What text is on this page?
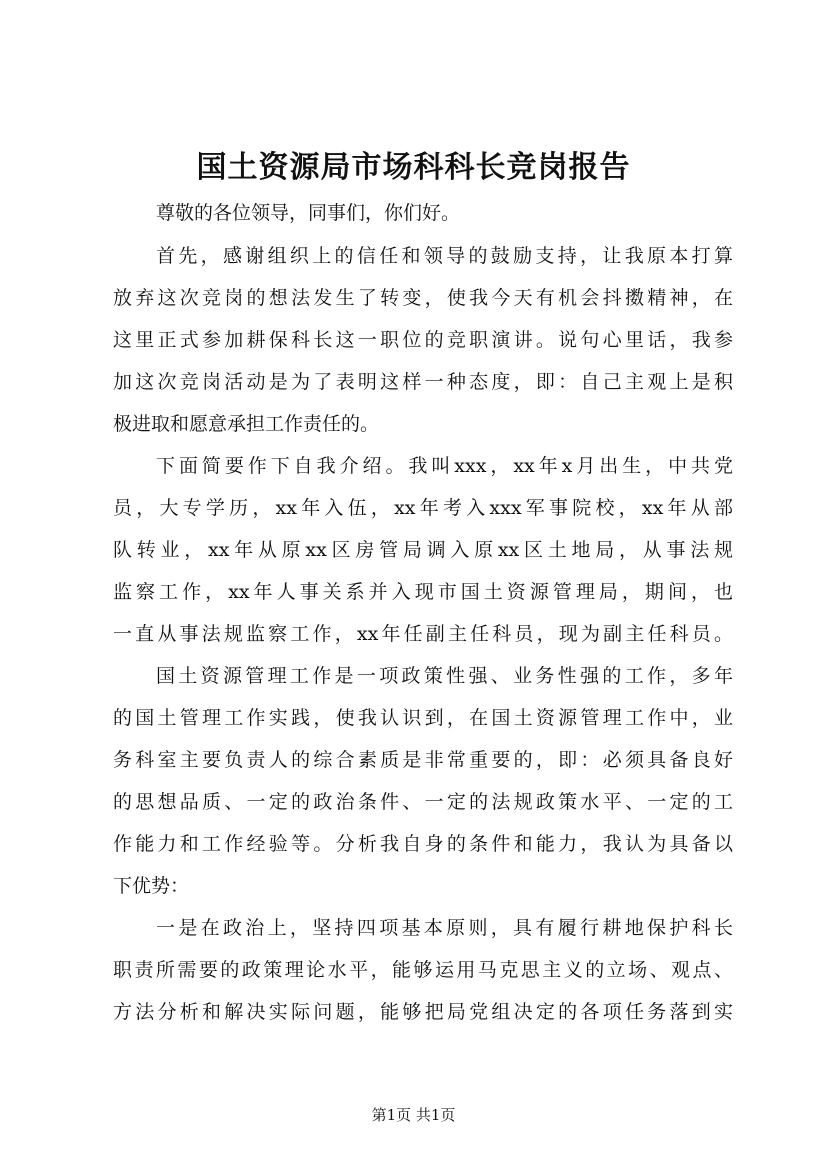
国土资源局市场科科长竞岗报告
尊敬的各位领导，同事们，你们好。
首先，感谢组织上的信任和领导的鼓励支持，让我原本打算
放弃这次竞岗的想法发生了转变，使我今天有机会抖擞精神，在
这里正式参加耕保科长这一职位的竞职演讲。说句心里话，我参
加这次竞岗活动是为了表明这样一种态度，即：自己主观上是积
极进取和愿意承担工作责任的。
下面简要作下自我介绍。我叫xxx，xx年x月出生，中共党
员，大专学历，xx年入伍，xx年考入xxx军事院校，xx年从部
队转业，xx年从原xx区房管局调入原xx区土地局，从事法规
监察工作，xx年人事关系并入现市国土资源管理局，期间，也
一直从事法规监察工作，xx年任副主任科员，现为副主任科员。
国土资源管理工作是一项政策性强、业务性强的工作，多年
的国土管理工作实践，使我认识到，在国土资源管理工作中，业
务科室主要负责人的综合素质是非常重要的，即：必须具备良好
的思想品质、一定的政治条件、一定的法规政策水平、一定的工
作能力和工作经验等。分析我自身的条件和能力，我认为具备以
下优势：
一是在政治上，坚持四项基本原则，具有履行耕地保护科长
职责所需要的政策理论水平，能够运用马克思主义的立场、观点、
方法分析和解决实际问题，能够把局党组决定的各项任务落到实
第1页 共1页
